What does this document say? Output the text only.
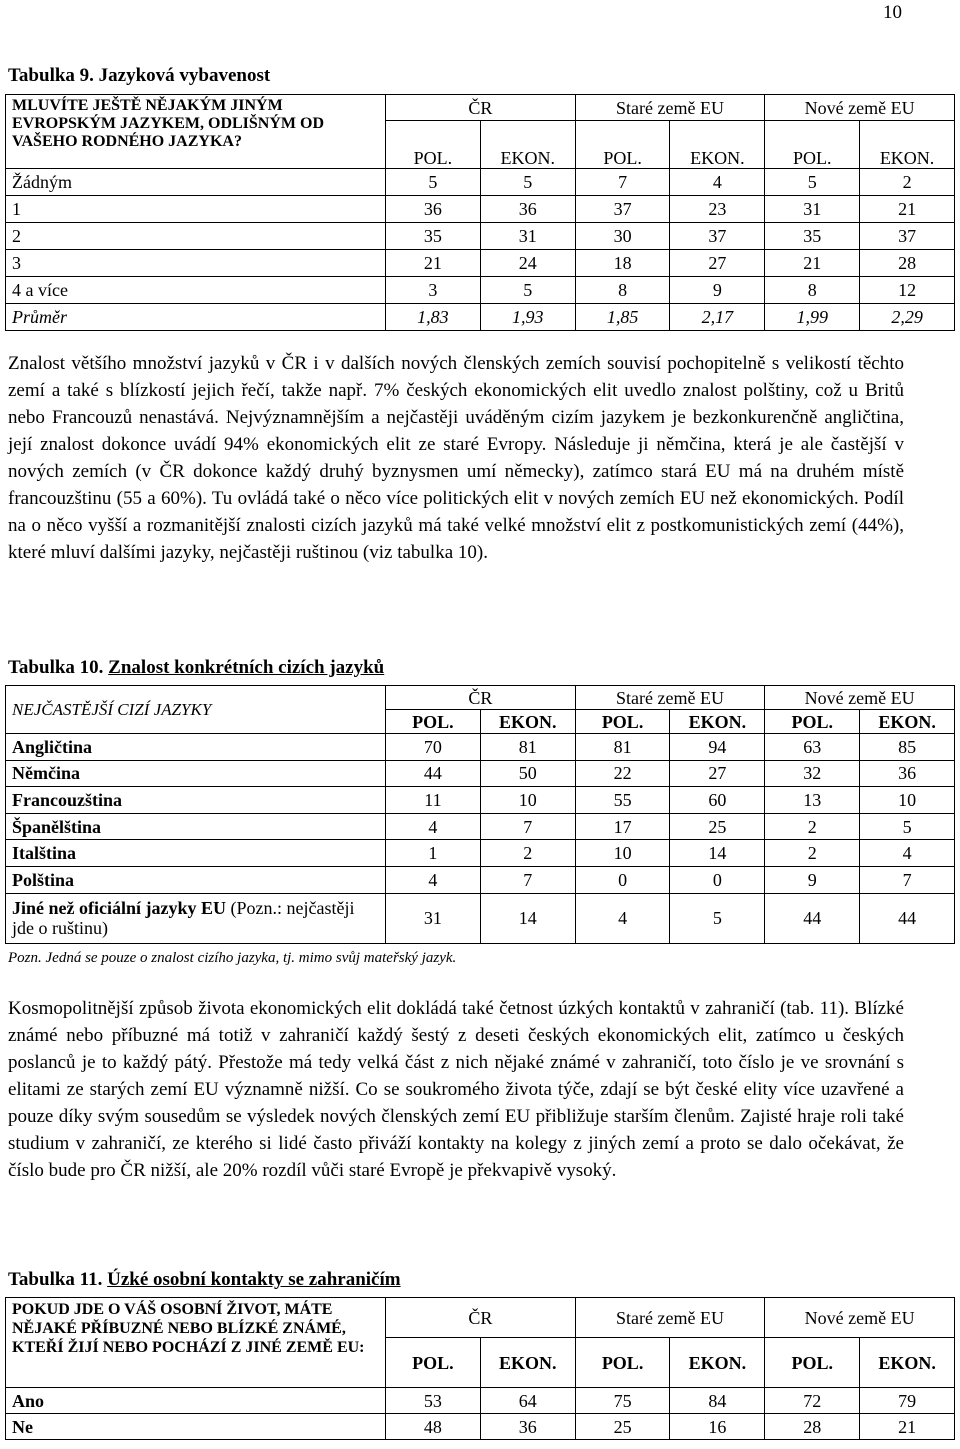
10

Tabulka 9. Jazyková vybavenost

MLUVÍTE JEŠTĚ NĚJAKÝM JINÝM EVROPSKÝM JAZYKEM, ODLIŠNÝM OD VAŠEHO RODNÉHO JAZYKA?	ČR		Staré země EU		Nové země EU	
	POL.	EKON.	POL.	EKON.	POL.	EKON.
Žádným	5	5	7	4	5	2
1	36	36	37	23	31	21
2	35	31	30	37	35	37
3	21	24	18	27	21	28
4 a více	3	5	8	9	8	12
Průměr	1,83	1,93	1,85	2,17	1,99	2,29

Znalost většího množství jazyků v ČR i v dalších nových členských zemích souvisí pochopitelně s velikostí těchto zemí a také s blízkostí jejich řečí, takže např. 7% českých ekonomických elit uvedlo znalost polštiny, což u Britů nebo Francouzů nenastává. Nejvýznamnějším a nejčastěji uváděným cizím jazykem je bezkonkurenčně angličtina, její znalost dokonce uvádí 94% ekonomických elit ze staré Evropy. Následuje ji němčina, která je ale častější v nových zemích (v ČR dokonce každý druhý byznysmen umí německy), zatímco stará EU má na druhém místě francouzštinu (55 a 60%). Tu ovládá také o něco více politických elit v nových zemích EU než ekonomických. Podíl na o něco vyšší a rozmanitější znalosti cizích jazyků má také velké množství elit z postkomunistických zemí (44%), které mluví dalšími jazyky, nejčastěji ruštinou (viz tabulka 10).

Tabulka 10. Znalost konkrétních cizích jazyků

NEJČASTĚJŠÍ CIZÍ JAZYKY	ČR		Staré země EU		Nové země EU	
	POL.	EKON.	POL.	EKON.	POL.	EKON.
Angličtina	70	81	81	94	63	85
Němčina	44	50	22	27	32	36
Francouzština	11	10	55	60	13	10
Španělština	4	7	17	25	2	5
Italština	1	2	10	14	2	4
Polština	4	7	0	0	9	7
Jiné než oficiální jazyky EU (Pozn.: nejčastěji jde o ruštinu)	31	14	4	5	44	44

Pozn. Jedná se pouze o znalost cizího jazyka, tj. mimo svůj mateřský jazyk.

Kosmopolitnější způsob života ekonomických elit dokládá také četnost úzkých kontaktů v zahraničí (tab. 11). Blízké známé nebo příbuzné má totiž v zahraničí každý šestý z deseti českých ekonomických elit, zatímco u českých poslanců je to každý pátý. Přestože má tedy velká část z nich nějaké známé v zahraničí, toto číslo je ve srovnání s elitami ze starých zemí EU významně nižší. Co se soukromého života týče, zdají se být české elity více uzavřené a pouze díky svým sousedům se výsledek nových členských zemí EU přibližuje starším členům. Zajisté hraje roli také studium v zahraničí, ze kterého si lidé často přiváží kontakty na kolegy z jiných zemí a proto se dalo očekávat, že číslo bude pro ČR nižší, ale 20% rozdíl vůči staré Evropě je překvapivě vysoký.

Tabulka 11. Úzké osobní kontakty se zahraničím

POKUD JDE O VÁŠ OSOBNÍ ŽIVOT, MÁTE NĚJAKÉ PŘÍBUZNÉ NEBO BLÍZKÉ ZNÁMÉ, KTEŘÍ ŽIJÍ NEBO POCHÁZÍ Z JINÉ ZEMĚ EU:	ČR		Staré země EU		Nové země EU	
	POL.	EKON.	POL.	EKON.	POL.	EKON.
Ano	53	64	75	84	72	79
Ne	48	36	25	16	28	21
